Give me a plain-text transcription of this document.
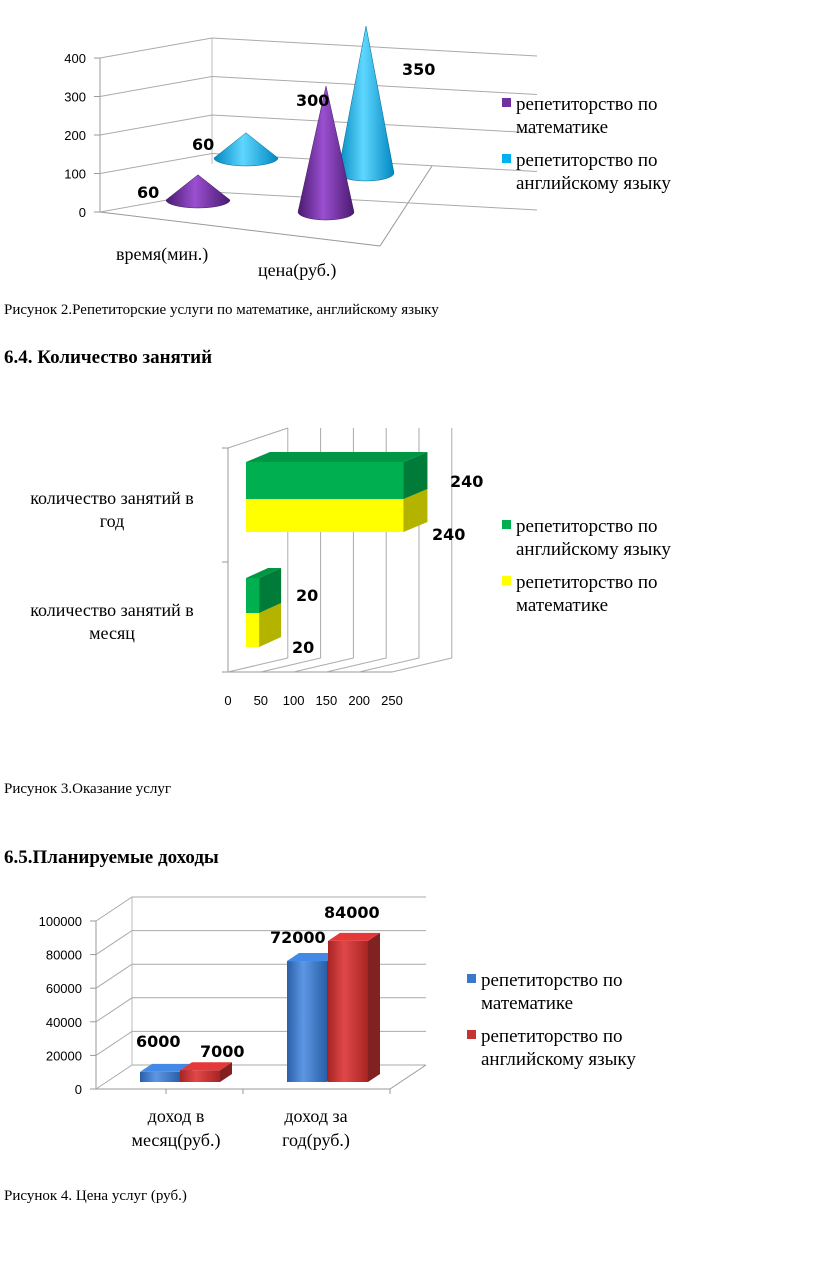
0
100
200
300
400
60
350
60
300
время(мин.)
цена(руб.)
репетиторство по
математике
репетиторство по
английскому языку
Рисунок 2.Репетиторские услуги по математике, английскому языку
6.4. Количество занятий
0 50 100 150 200 250
240
240
20
20
количество занятий в
год
количество занятий в
месяц
репетиторство по
английскому языку
репетиторство по
математике
Рисунок 3.Оказание услуг
6.5.Планируемые доходы
0
20000
40000
60000
80000
100000
6000
7000
72000
84000
доход в
месяц(руб.)
доход за
год(руб.)
репетиторство по
математике
репетиторство по
английскому языку
Рисунок 4. Цена услуг (руб.)
